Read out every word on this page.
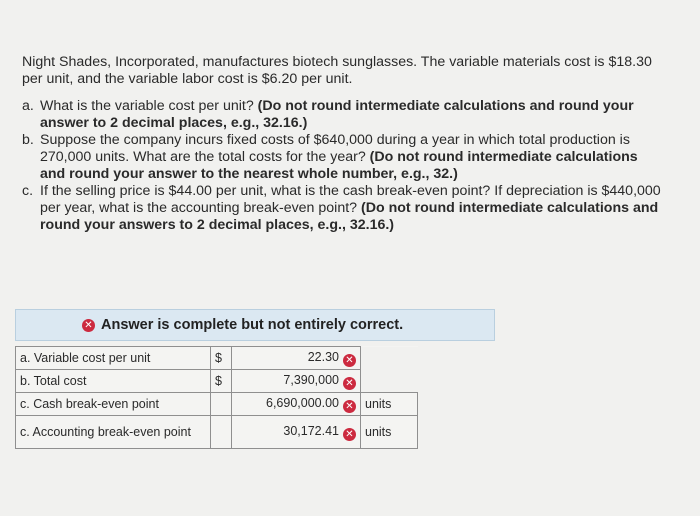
Night Shades, Incorporated, manufactures biotech sunglasses. The variable materials cost is $18.30 per unit, and the variable labor cost is $6.20 per unit.

a. What is the variable cost per unit? (Do not round intermediate calculations and round your answer to 2 decimal places, e.g., 32.16.)

b. Suppose the company incurs fixed costs of $640,000 during a year in which total production is 270,000 units. What are the total costs for the year? (Do not round intermediate calculations and round your answer to the nearest whole number, e.g., 32.)

c. If the selling price is $44.00 per unit, what is the cash break-even point? If depreciation is $440,000 per year, what is the accounting break-even point? (Do not round intermediate calculations and round your answers to 2 decimal places, e.g., 32.16.)

✕ Answer is complete but not entirely correct.
a. Variable cost per unit	$	22.30 ✕	
b. Total cost	$	7,390,000 ✕	
c. Cash break-even point		6,690,000.00 ✕	units
c. Accounting break-even point		30,172.41 ✕	units
